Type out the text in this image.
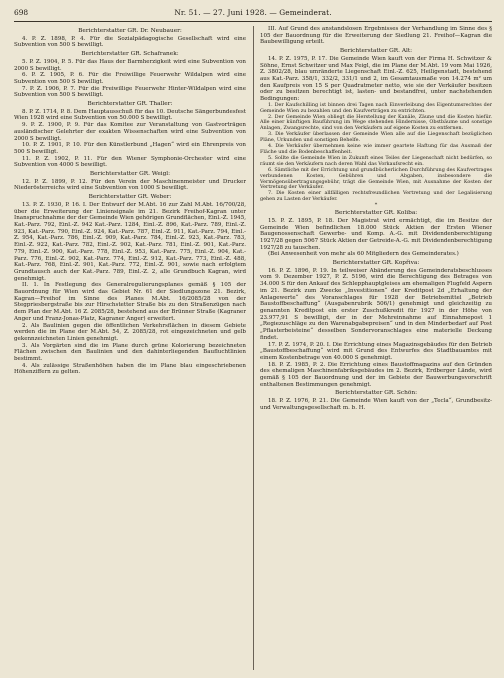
698	Nr. 51. — 27. Juni 1928. — Gemeinderat.

Berichterstatter GR. Dr. Neubauer:

4. P. Z. 1898, P. 4. Für die Sozialpädagogische Gesellschaft wird eine Subvention von 500 S bewilligt.

Berichterstatter GR. Schafranek:

5. P. Z. 1904, P. 5. Für das Haus der Barmherzigkeit wird eine Subvention von 2000 S bewilligt.

6. P. Z. 1905, P. 6. Für die Freiwillige Feuerwehr Wildalpen wird eine Subvention von 500 S bewilligt.

7. P. Z. 1906, P. 7. Für die Freiwillige Feuerwehr Hinter-Wildalpen wird eine Subvention von 500 S bewilligt.

Berichterstatter GR. Thaller:

8. P. Z. 1714, P. 8. Dem Hauptausschuß für das 10. Deutsche Sängerbundesfest Wien 1928 wird eine Subvention von 50.000 S bewilligt.

9. P. Z. 1900, P. 9. Für das Komitee zur Veranstaltung von Gastvorträgen ausländischer Gelehrter der exakten Wissenschaften wird eine Subvention von 2000 S bewilligt.

10. P. Z. 1901, P. 10. Für den Künstlerbund „Hagen“ wird ein Ehrenpreis von 500 S bewilligt.

11. P. Z. 1902, P. 11. Für den Wiener Symphonie-Orchester wird eine Subvention von 4000 S bewilligt.

Berichterstatter GR. Weigl:

12. P. Z. 1899, P. 12. Für den Verein der Maschinenmeister und Drucker Niederösterreichs wird eine Subvention von 1000 S bewilligt.

Berichterstatter GR. Weber:

13. P. Z. 1930, P. 16. I. Der Entwurf der M.Abt. 16 zur Zahl M.Abt. 16/700/28, über die Erweiterung der Liniensignale im 21. Bezirk Freihof-Kagran unter Inanspruchnahme der der Gemeinde Wien gehörigen Grundflächen, Einl.-Z. 1945, Kat.-Parz. 792, Einl.-Z. 942 Kat.-Parz. 1284, Einl.-Z. 896, Kat.-Parz. 789, Einl.-Z. 923, Kat.-Parz. 790, Einl.-Z. 924, Kat.-Parz. 787, Einl.-Z. 911, Kat.-Parz. 794, Einl.-Z. 954, Kat.-Parz. 786, Einl.-Z. 909, Kat.-Parz. 784, Einl.-Z. 923, Kat.-Parz. 783, Einl.-Z. 922, Kat.-Parz. 782, Einl.-Z. 902, Kat.-Parz. 781, Einl.-Z. 901, Kat.-Parz. 779, Einl.-Z. 900, Kat.-Parz. 778, Einl.-Z. 953, Kat.-Parz. 775, Einl.-Z. 904, Kat.-Parz. 776, Einl.-Z. 902, Kat.-Parz. 774, Einl.-Z. 912, Kat.-Parz. 773, Einl.-Z. 488, Kat.-Parz. 768, Einl.-Z. 901, Kat.-Parz. 772, Einl.-Z. 901, sowie nach erfolgtem Grundtausch auch der Kat.-Parz. 789, Einl.-Z. 2, alle Grundbuch Kagran, wird genehmigt.

II. 1. In Festlegung des Generalregulierungsplanes gemäß § 105 der Bauordnung für Wien wird das Gebiet Nr. 61 der Siedlungszone 21. Bezirk, Kagran—Freihof im Sinne des Planes M.Abt. 16/2085/28 von der Stegpriesbergstraße bis zur Hirschstetter Straße bis zu den Straßenzügen nach dem Plan der M.Abt. 16 Z. 2085/28, bestehend aus der Brünner Straße (Kagraner Anger und Franz-Jonas-Platz, Kagraner Anger) erweitert.

2. Als Baulinien gegen die öffentlichen Verkehrsflächen in diesem Gebiete werden die im Plane der M.Abt. 54, Z. 2085/28, rot eingezeichneten und gelb gekennzeichneten Linien genehmigt.

3. Als Vorgärten sind die im Plane durch grüne Kolorierung bezeichneten Flächen zwischen den Baulinien und den dahinterliegenden Baufluchtlinien bestimmt.

4. Als zulässige Straßenhöhen haben die im Plane blau eingeschriebenen Höhenziffern zu gelten.

III. Auf Grund des anstandslosen Ergebnisses der Verhandlung im Sinne des § 105 der Bauordnung für die Erweiterung der Siedlung 21. Freihof—Kagran die Baubewilligung erteilt.

Berichterstatter GR. Alt:

14. P. Z. 1975, P. 17. Die Gemeinde Wien kauft von der Firma H. Schwitzer & Söhne, Ernst Schwitzer und Max Feigl, die im Plane der M.Abt. 19 vom Mai 1926, Z. 3802/28, blau umränderte Liegenschaft Einl.-Z. 625, Heiligenstadt, bestehend aus Kat.-Parz. 358/1, 332/2, 331/1 und 2, im Gesamtausmaße von 14.274 m² um den Kaufpreis von 15 S per Quadratmeter netto, wie sie der Verkäufer besitzen oder zu besitzen berechtigt ist, lasten- und bestandfrei, unter nachstehenden Bedingungen:

1. Der Kaufschilling ist binnen drei Tagen nach Einverleibung des Eigentumsrechtes der Gemeinde Wien zu bezahlen und den Kaufverträgen zu entrichten.

2. Der Gemeinde Wien obliegt die Herstellung der Kanäle, Zäune und die Kosten hiefür. Alle einer künftigen Bauführung im Wege stehenden Hindernisse, Obstbäume und sonstige Anlagen, Zwangsrechte, sind von den Verkäufern auf eigene Kosten zu entfernen.

3. Die Verkäufer überlassen der Gemeinde Wien alle auf die Liegenschaft bezüglichen Pläne, Urkunden und sonstigen Behelfe.

4. Die Verkäufer übernehmen keine wie immer geartete Haftung für das Ausmaß der Fläche und die Bodenbeschaffenheit.

5. Sollte die Gemeinde Wien in Zukunft eines Teiles der Liegenschaft nicht bedürfen, so räumt sie den Verkäufern nach deren Wahl das Vorkaufsrecht ein.

6. Sämtliche mit der Errichtung und grundbücherlichen Durchführung des Kaufvertrages verbundenen Kosten, Gebühren und Abgaben, insbesondere die Vermögensübertragungsgebühr, trägt die Gemeinde Wien, mit Ausnahme der Kosten der Vertretung der Verkäufer.

7. Die Kosten einer allfälligen rechtsfreundlichen Vertretung und der Legalisierung gehen zu Lasten der Verkäufer.

*

Berichterstatter GR. Koliba:

15. P. Z. 1895, P. 18. Der Magistrat wird ermächtigt, die im Besitze der Gemeinde Wien befindlichen 18.000 Stück Aktien der Ersten Wiener Baugenossenschaft Gewerbe- und Komp. A.-G. mit Dividendenberechtigung 1927/28 gegen 5067 Stück Aktien der Getreide-A.-G. mit Dividendenberechtigung 1927/28 zu tauschen.

(Bei Anwesenheit von mehr als 60 Mitgliedern des Gemeinderates.)

Berichterstatter GR. Kopřiva:

16. P. Z. 1896, P. 19. In teilweiser Abänderung des Gemeinderatsbeschlusses vom 9. Dezember 1927, P. Z. 5196, wird die Berechtigung des Betrages von 34.000 S für den Ankauf des Schlepphauptgleises am ehemaligen Flugfeld Aspern im 21. Bezirk zum Zwecke „Investitionen“ der Kreditpost 2d „Erhaltung der Anlagewerte“ des Voranschlages für 1928 der Betriebsmittel „Betrieb Baustoffbeschaffung“ (Ausgabenrubrik 506/1) genehmigt und gleichzeitig zu genannten Kreditpost ein erster Zuschußkredit für 1927 in der Höhe von 23.977,91 S bewilligt, der in der Mehreinnahme auf Einnahmepost 1 „Regiezuschläge zu den Warenabgabepreisen“ und in den Minderbedarf auf Post „Pflasterbeisteine“ desselben Sondervoranschlages eine materielle Deckung findet.

17. P. Z. 1974, P. 20. I. Die Errichtung eines Magazinsgebäudes für den Betrieb „Baustoffbeschaffung“ wird mit Grund des Entwurfes des Stadtbauamtes mit einem Kostenbetrage von 40.000 S genehmigt.

18. P. Z. 1985, P. 2. Die Errichtung eines Baustoffmagazins auf den Gründen des ehemaligen Maschinenfabriksgebäudes im 2. Bezirk, Erdberger Lände, wird gemäß § 105 der Bauordnung und der im Gebiete der Bauwerbungsvorschrift enthaltenen Bestimmungen genehmigt.

Berichterstatter GR. Schön:

18. P. Z. 1976, P. 21. Die Gemeinde Wien kauft von der „Tecla“, Grundbesitz- und Verwaltungsgesellschaft m. b. H.
